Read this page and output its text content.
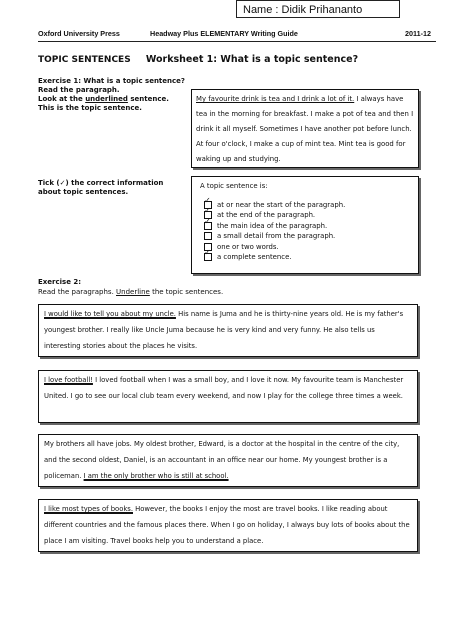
Name : Didik Prihananto
Oxford University Press	Headway Plus ELEMENTARY Writing Guide	2011-12
TOPIC SENTENCES Worksheet 1: What is a topic sentence?
Exercise 1: What is a topic sentence?
Read the paragraph.
Look at the underlined sentence.
This is the topic sentence.

My favourite drink is tea and I drink a lot of it. I always have tea in the morning for breakfast. I make a pot of tea and then I drink it all myself. Sometimes I have another pot before lunch. At four o'clock, I make a cup of mint tea. Mint tea is good for waking up and studying.

Tick (✓) the correct information
about topic sentences.
A topic sentence is:
✓ at or near the start of the paragraph.
✓ at the end of the paragraph.
✓ the main idea of the paragraph.
a small detail from the paragraph.
one or two words.
✓ a complete sentence.
Exercise 2:
Read the paragraphs. Underline the topic sentences.

I would like to tell you about my uncle. His name is Juma and he is thirty-nine years old. He is my father's youngest brother. I really like Uncle Juma because he is very kind and very funny. He also tells us interesting stories about the places he visits.

I love football! I loved football when I was a small boy, and I love it now. My favourite team is Manchester United. I go to see our local club team every weekend, and now I play for the college three times a week.

My brothers all have jobs. My oldest brother, Edward, is a doctor at the hospital in the centre of the city, and the second oldest, Daniel, is an accountant in an office near our home. My youngest brother is a policeman. I am the only brother who is still at school.

I like most types of books. However, the books I enjoy the most are travel books. I like reading about different countries and the famous places there. When I go on holiday, I always buy lots of books about the place I am visiting. Travel books help you to understand a place.
